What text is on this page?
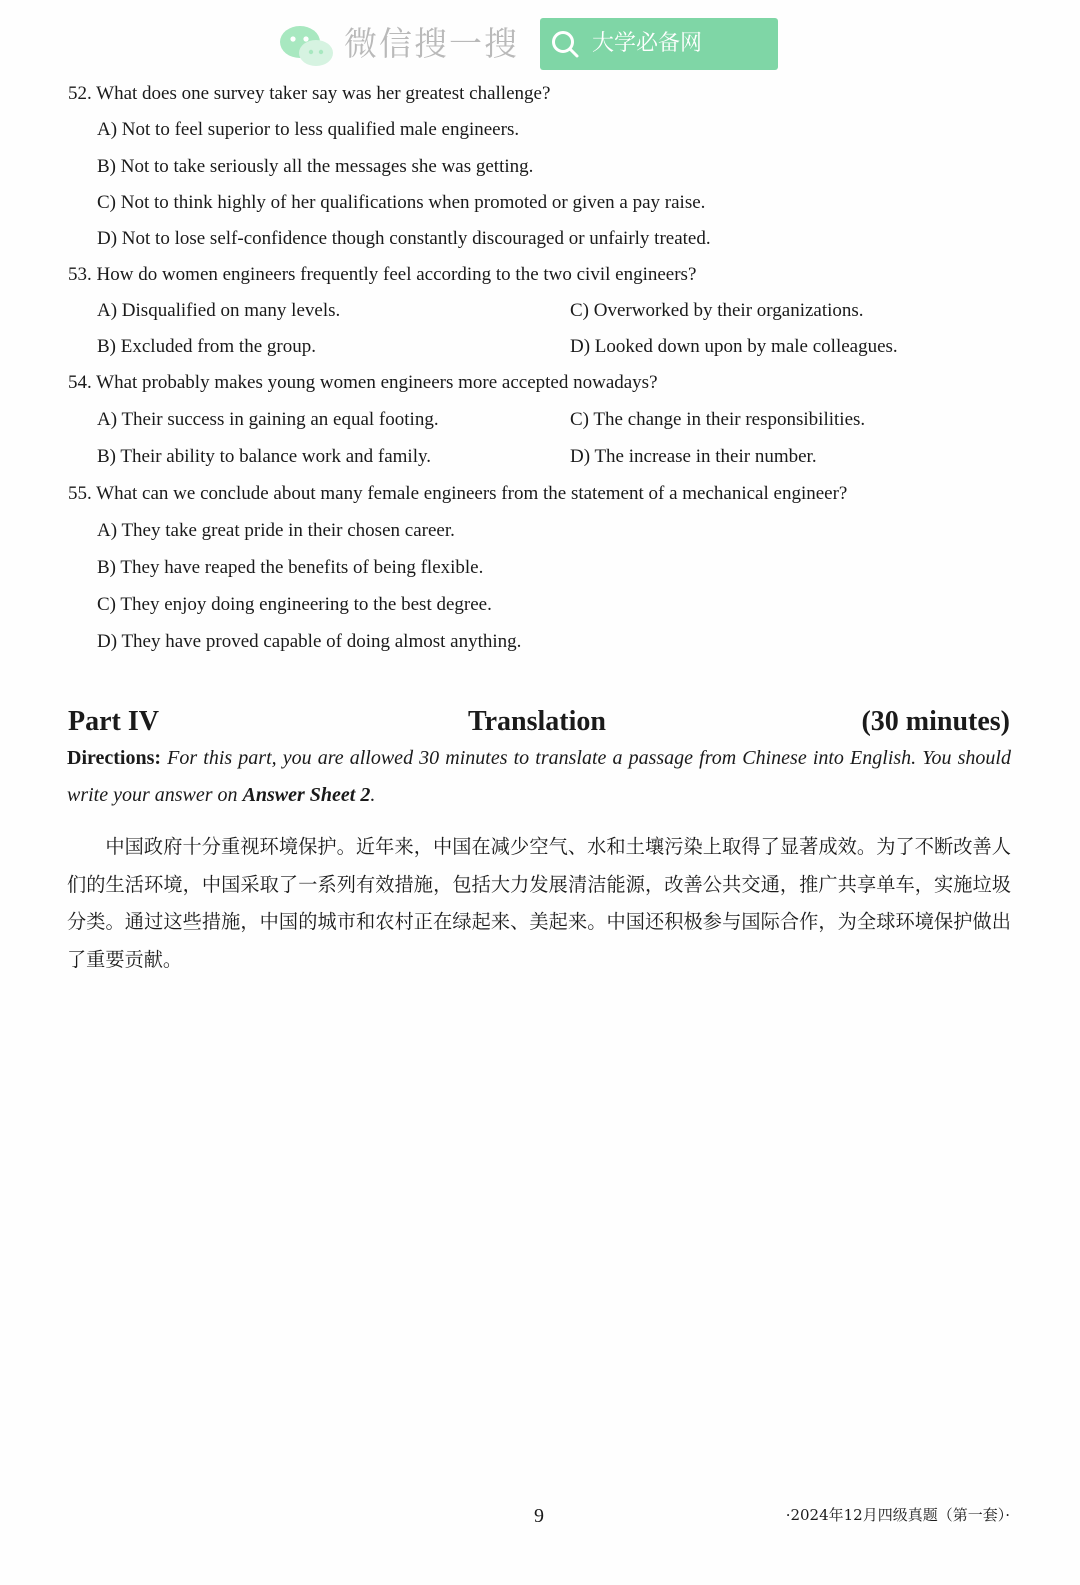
微信搜一搜	大学必备网
52. What does one survey taker say was her greatest challenge?
A) Not to feel superior to less qualified male engineers.
B) Not to take seriously all the messages she was getting.
C) Not to think highly of her qualifications when promoted or given a pay raise.
D) Not to lose self-confidence though constantly discouraged or unfairly treated.
53. How do women engineers frequently feel according to the two civil engineers?
A) Disqualified on many levels.	C) Overworked by their organizations.
B) Excluded from the group.	D) Looked down upon by male colleagues.
54. What probably makes young women engineers more accepted nowadays?
A) Their success in gaining an equal footing.	C) The change in their responsibilities.
B) Their ability to balance work and family.	D) The increase in their number.
55. What can we conclude about many female engineers from the statement of a mechanical engineer?
A) They take great pride in their chosen career.
B) They have reaped the benefits of being flexible.
C) They enjoy doing engineering to the best degree.
D) They have proved capable of doing almost anything.
Part IV	Translation	(30 minutes)
Directions: For this part, you are allowed 30 minutes to translate a passage from Chinese into English. You should write your answer on Answer Sheet 2.
中国政府十分重视环境保护。近年来，中国在减少空气、水和土壤污染上取得了显著成效。为了不断改善人们的生活环境，中国采取了一系列有效措施，包括大力发展清洁能源，改善公共交通，推广共享单车，实施垃圾分类。通过这些措施，中国的城市和农村正在绿起来、美起来。中国还积极参与国际合作，为全球环境保护做出了重要贡献。
9	·2024年12月四级真题（第一套）·
